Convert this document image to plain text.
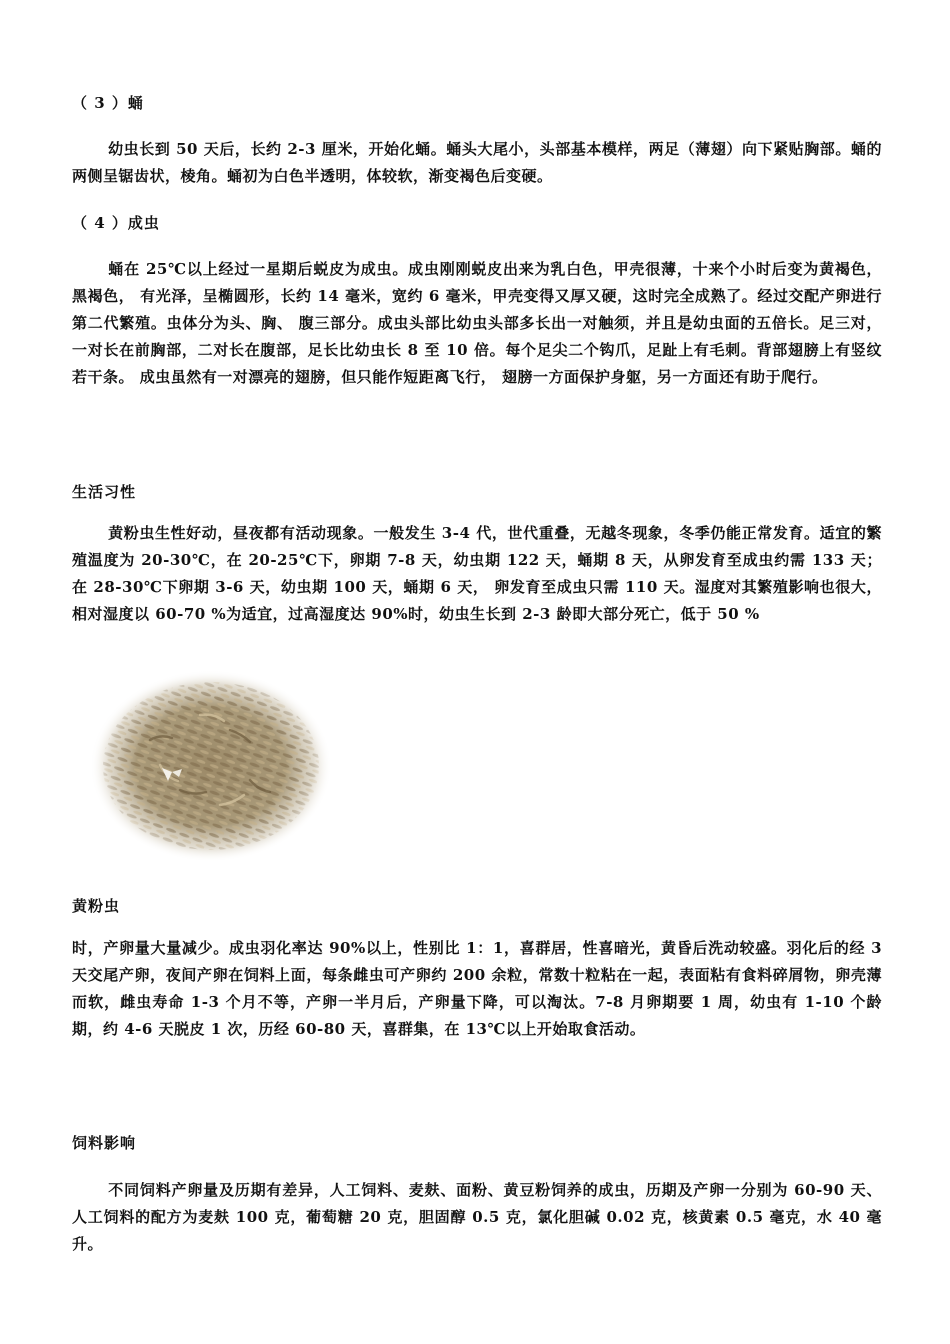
（ 3 ）蛹
幼虫长到 50 天后，长约 2-3 厘米，开始化蛹。蛹头大尾小，头部基本模样，两足（薄翅）向下紧贴胸部。蛹的两侧呈锯齿状，棱角。蛹初为白色半透明，体较软，渐变褐色后变硬。
（ 4 ）成虫
蛹在 25℃以上经过一星期后蜕皮为成虫。成虫刚刚蜕皮出来为乳白色，甲壳很薄，十来个小时后变为黄褐色，黑褐色， 有光泽，呈椭圆形，长约 14 毫米，宽约 6 毫米，甲壳变得又厚又硬，这时完全成熟了。经过交配产卵进行第二代繁殖。虫体分为头、胸、 腹三部分。成虫头部比幼虫头部多长出一对触须，并且是幼虫面的五倍长。足三对，一对长在前胸部，二对长在腹部，足长比幼虫长 8 至 10 倍。每个足尖二个钩爪，足趾上有毛刺。背部翅膀上有竖纹若干条。 成虫虽然有一对漂亮的翅膀，但只能作短距离飞行， 翅膀一方面保护身躯，另一方面还有助于爬行。
生活习性
黄粉虫生性好动，昼夜都有活动现象。一般发生 3-4 代，世代重叠，无越冬现象，冬季仍能正常发育。适宜的繁殖温度为 20-30℃，在 20-25℃下，卵期 7-8 天，幼虫期 122 天，蛹期 8 天，从卵发育至成虫约需 133 天；在 28-30℃下卵期 3-6 天，幼虫期 100 天，蛹期 6 天， 卵发育至成虫只需 110 天。湿度对其繁殖影响也很大，相对湿度以 60-70 %为适宜，过高湿度达 90%时，幼虫生长到 2-3 龄即大部分死亡，低于 50 %
黄粉虫
时，产卵量大量减少。成虫羽化率达 90%以上，性别比 1：1，喜群居，性喜暗光，黄昏后洗动较盛。羽化后的经 3 天交尾产卵，夜间产卵在饲料上面，每条雌虫可产卵约 200 余粒，常数十粒粘在一起，表面粘有食料碎屑物，卵壳薄而软，雌虫寿命 1-3 个月不等，产卵一半月后，产卵量下降，可以淘汰。7-8 月卵期要 1 周，幼虫有 1-10 个龄期，约 4-6 天脱皮 1 次，历经 60-80 天，喜群集，在 13℃以上开始取食活动。
饲料影响
不同饲料产卵量及历期有差异，人工饲料、麦麸、面粉、黄豆粉饲养的成虫，历期及产卵一分别为 60-90 天、人工饲料的配方为麦麸 100 克，葡萄糖 20 克，胆固醇 0.5 克，氯化胆碱 0.02 克，核黄素 0.5 毫克，水 40 毫升。
